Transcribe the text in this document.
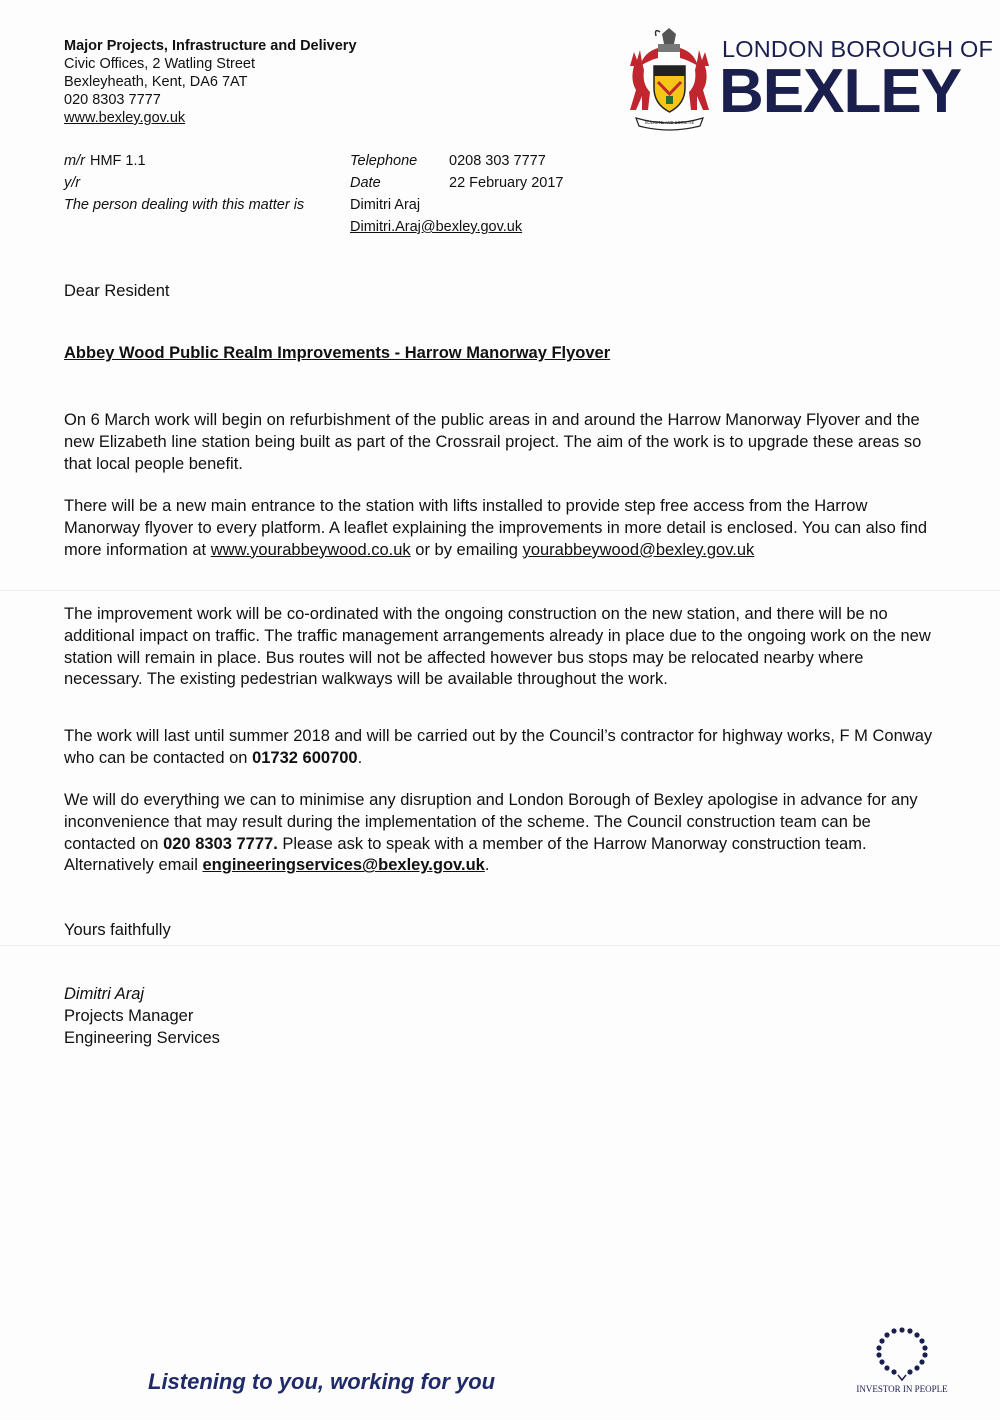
Major Projects, Infrastructure and Delivery
Civic Offices, 2 Watling Street
Bexleyheath, Kent, DA6 7AT
020 8303 7777
www.bexley.gov.uk	SOLICITE AND SOCIETIE
LONDON BOROUGH OF
BEXLEY
m/r HMF 1.1
y/r
The person dealing with this matter is
Telephone 0208 303 7777
Date	22 February 2017
Dimitri Araj
Dimitri.Araj@bexley.gov.uk
Dear Resident
Abbey Wood Public Realm Improvements - Harrow Manorway Flyover
On 6 March work will begin on refurbishment of the public areas in and around the Harrow Manorway Flyover and the new Elizabeth line station being built as part of the Crossrail project. The aim of the work is to upgrade these areas so that local people benefit.
There will be a new main entrance to the station with lifts installed to provide step free access from the Harrow Manorway flyover to every platform. A leaflet explaining the improvements in more detail is enclosed. You can also find more information at www.yourabbeywood.co.uk or by emailing yourabbeywood@bexley.gov.uk
The improvement work will be co-ordinated with the ongoing construction on the new station, and there will be no additional impact on traffic. The traffic management arrangements already in place due to the ongoing work on the new station will remain in place. Bus routes will not be affected however bus stops may be relocated nearby where necessary. The existing pedestrian walkways will be available throughout the work.
The work will last until summer 2018 and will be carried out by the Council’s contractor for highway works, F M Conway who can be contacted on 01732 600700.
We will do everything we can to minimise any disruption and London Borough of Bexley apologise in advance for any inconvenience that may result during the implementation of the scheme. The Council construction team can be contacted on 020 8303 7777. Please ask to speak with a member of the Harrow Manorway construction team. Alternatively email engineeringservices@bexley.gov.uk.
Yours faithfully
Dimitri Araj
Projects Manager
Engineering Services
Listening to you, working for you	INVESTOR IN PEOPLE
